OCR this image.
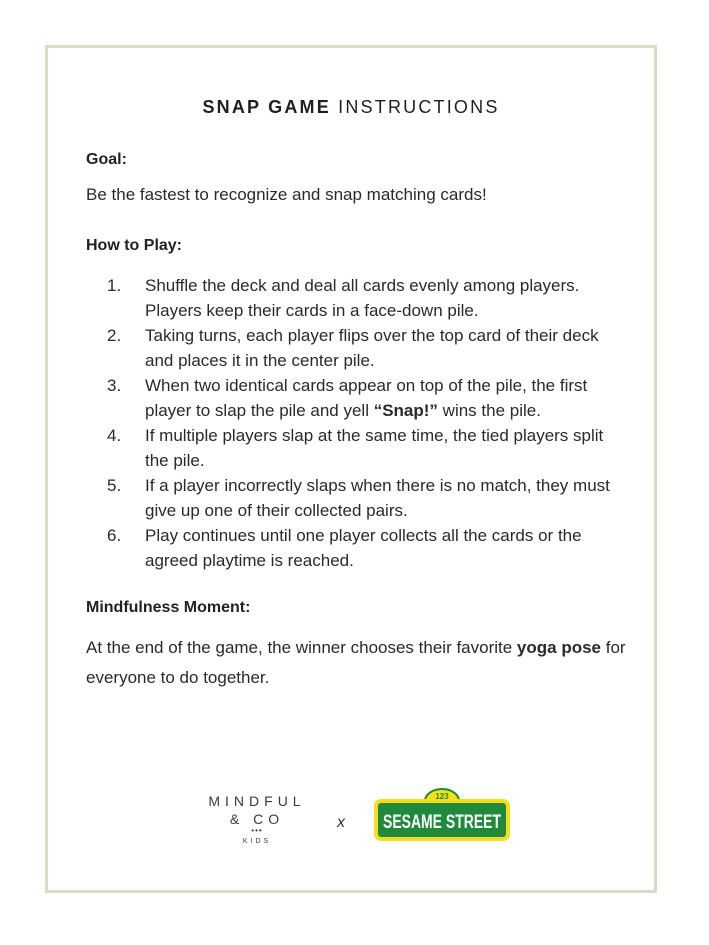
SNAP GAME INSTRUCTIONS
Goal:
Be the fastest to recognize and snap matching cards!
How to Play:
1. Shuffle the deck and deal all cards evenly among players. Players keep their cards in a face-down pile.
2. Taking turns, each player flips over the top card of their deck and places it in the center pile.
3. When two identical cards appear on top of the pile, the first player to slap the pile and yell “Snap!” wins the pile.
4. If multiple players slap at the same time, the tied players split the pile.
5. If a player incorrectly slaps when there is no match, they must give up one of their collected pairs.
6. Play continues until one player collects all the cards or the agreed playtime is reached.
Mindfulness Moment:
At the end of the game, the winner chooses their favorite yoga pose for everyone to do together.
MINDFUL
& CO
•••
KIDS
x
123
SESAME STREET
